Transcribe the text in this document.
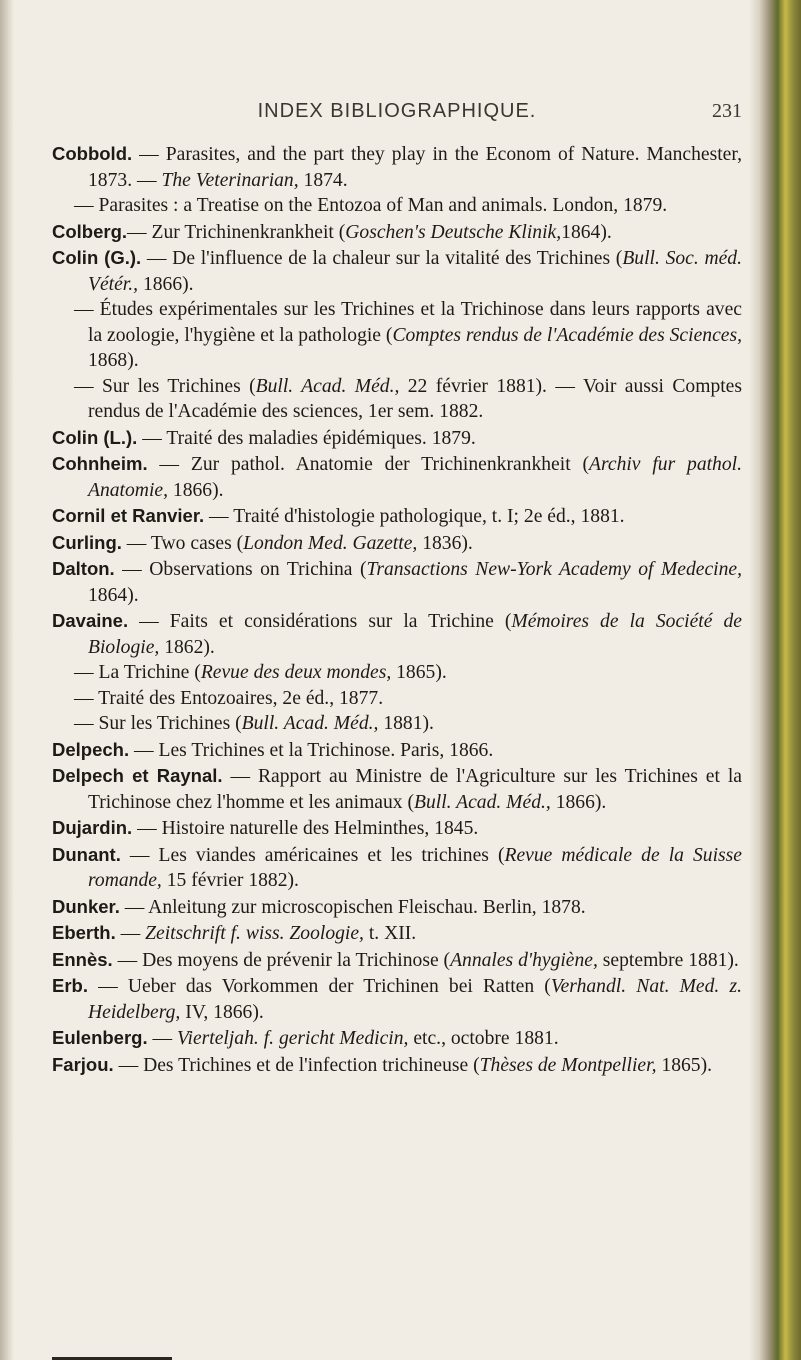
INDEX BIBLIOGRAPHIQUE.	231
Cobbold. — Parasites, and the part they play in the Econom of Nature. Manchester, 1873. — The Veterinarian, 1874.
— Parasites : a Treatise on the Entozoa of Man and animals. London, 1879.
Colberg.— Zur Trichinenkrankheit (Goschen's Deutsche Klinik,1864).
Colin (G.). — De l'influence de la chaleur sur la vitalité des Trichines (Bull. Soc. méd. Vétér., 1866).
— Études expérimentales sur les Trichines et la Trichinose dans leurs rapports avec la zoologie, l'hygiène et la pathologie (Comptes rendus de l'Académie des Sciences, 1868).
— Sur les Trichines (Bull. Acad. Méd., 22 février 1881). — Voir aussi Comptes rendus de l'Académie des sciences, 1er sem. 1882.
Colin (L.). — Traité des maladies épidémiques. 1879.
Cohnheim. — Zur pathol. Anatomie der Trichinenkrankheit (Archiv fur pathol. Anatomie, 1866).
Cornil et Ranvier. — Traité d'histologie pathologique, t. I; 2e éd., 1881.
Curling. — Two cases (London Med. Gazette, 1836).
Dalton. — Observations on Trichina (Transactions New-York Academy of Medecine, 1864).
Davaine. — Faits et considérations sur la Trichine (Mémoires de la Société de Biologie, 1862).
— La Trichine (Revue des deux mondes, 1865).
— Traité des Entozoaires, 2e éd., 1877.
— Sur les Trichines (Bull. Acad. Méd., 1881).
Delpech. — Les Trichines et la Trichinose. Paris, 1866.
Delpech et Raynal. — Rapport au Ministre de l'Agriculture sur les Trichines et la Trichinose chez l'homme et les animaux (Bull. Acad. Méd., 1866).
Dujardin. — Histoire naturelle des Helminthes, 1845.
Dunant. — Les viandes américaines et les trichines (Revue médicale de la Suisse romande, 15 février 1882).
Dunker. — Anleitung zur microscopischen Fleischau. Berlin, 1878.
Eberth. — Zeitschrift f. wiss. Zoologie, t. XII.
Ennès. — Des moyens de prévenir la Trichinose (Annales d'hygiène, septembre 1881).
Erb. — Ueber das Vorkommen der Trichinen bei Ratten (Verhandl. Nat. Med. z. Heidelberg, IV, 1866).
Eulenberg. — Vierteljah. f. gericht Medicin, etc., octobre 1881.
Farjou. — Des Trichines et de l'infection trichineuse (Thèses de Montpellier, 1865).
